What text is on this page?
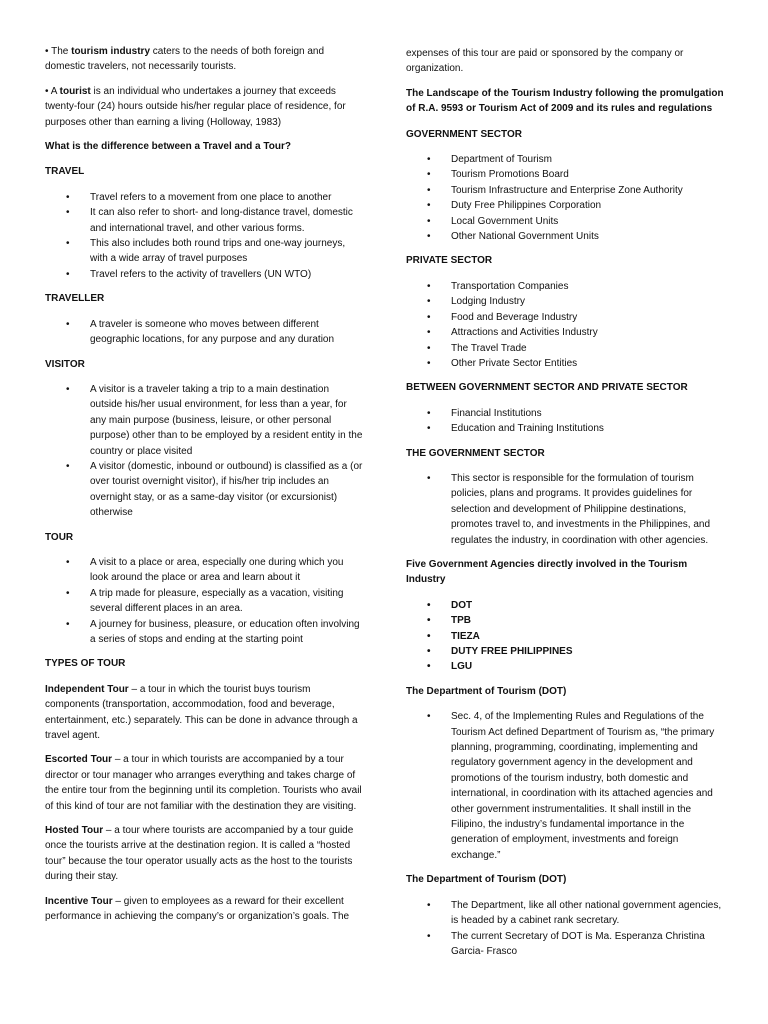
• The tourism industry caters to the needs of both foreign and domestic travelers, not necessarily tourists.

• A tourist is an individual who undertakes a journey that exceeds twenty-four (24) hours outside his/her regular place of residence, for purposes other than earning a living (Holloway, 1983)

What is the difference between a Travel and a Tour?
TRAVEL
• Travel refers to a movement from one place to another
• It can also refer to short- and long-distance travel, domestic and international travel, and other various forms.
• This also includes both round trips and one-way journeys, with a wide array of travel purposes
• Travel refers to the activity of travellers (UN WTO)
TRAVELLER
• A traveler is someone who moves between different geographic locations, for any purpose and any duration
VISITOR
• A visitor is a traveler taking a trip to a main destination outside his/her usual environment, for less than a year, for any main purpose (business, leisure, or other personal purpose) other than to be employed by a resident entity in the country or place visited
• A visitor (domestic, inbound or outbound) is classified as a (or over tourist overnight visitor), if his/her trip includes an overnight stay, or as a same-day visitor (or excursionist) otherwise
TOUR
• A visit to a place or area, especially one during which you look around the place or area and learn about it
• A trip made for pleasure, especially as a vacation, visiting several different places in an area.
• A journey for business, pleasure, or education often involving a series of stops and ending at the starting point
TYPES OF TOUR

Independent Tour – a tour in which the tourist buys tourism components (transportation, accommodation, food and beverage, entertainment, etc.) separately. This can be done in advance through a travel agent.

Escorted Tour – a tour in which tourists are accompanied by a tour director or tour manager who arranges everything and takes charge of the entire tour from the beginning until its completion. Tourists who avail of this kind of tour are not familiar with the destination they are visiting.

Hosted Tour – a tour where tourists are accompanied by a tour guide once the tourists arrive at the destination region. It is called a “hosted tour” because the tour operator usually acts as the host to the tourists during their stay.

Incentive Tour – given to employees as a reward for their excellent performance in achieving the company’s or organization’s goals. The

expenses of this tour are paid or sponsored by the company or organization.

The Landscape of the Tourism Industry following the promulgation of R.A. 9593 or Tourism Act of 2009 and its rules and regulations
GOVERNMENT SECTOR
• Department of Tourism
• Tourism Promotions Board
• Tourism Infrastructure and Enterprise Zone Authority
• Duty Free Philippines Corporation
• Local Government Units
• Other National Government Units
PRIVATE SECTOR
• Transportation Companies
• Lodging Industry
• Food and Beverage Industry
• Attractions and Activities Industry
• The Travel Trade
• Other Private Sector Entities
BETWEEN GOVERNMENT SECTOR AND PRIVATE SECTOR
• Financial Institutions
• Education and Training Institutions
THE GOVERNMENT SECTOR
• This sector is responsible for the formulation of tourism policies, plans and programs. It provides guidelines for selection and development of Philippine destinations, promotes travel to, and investments in the Philippines, and regulates the industry, in coordination with other agencies.
Five Government Agencies directly involved in the Tourism Industry
• DOT
• TPB
• TIEZA
• DUTY FREE PHILIPPINES
• LGU
The Department of Tourism (DOT)
• Sec. 4, of the Implementing Rules and Regulations of the Tourism Act defined Department of Tourism as, “the primary planning, programming, coordinating, implementing and regulatory government agency in the development and promotions of the tourism industry, both domestic and international, in coordination with its attached agencies and other government instrumentalities. It shall instill in the Filipino, the industry’s fundamental importance in the generation of employment, investments and foreign exchange.”
The Department of Tourism (DOT)
• The Department, like all other national government agencies, is headed by a cabinet rank secretary.
• The current Secretary of DOT is Ma. Esperanza Christina Garcia- Frasco
